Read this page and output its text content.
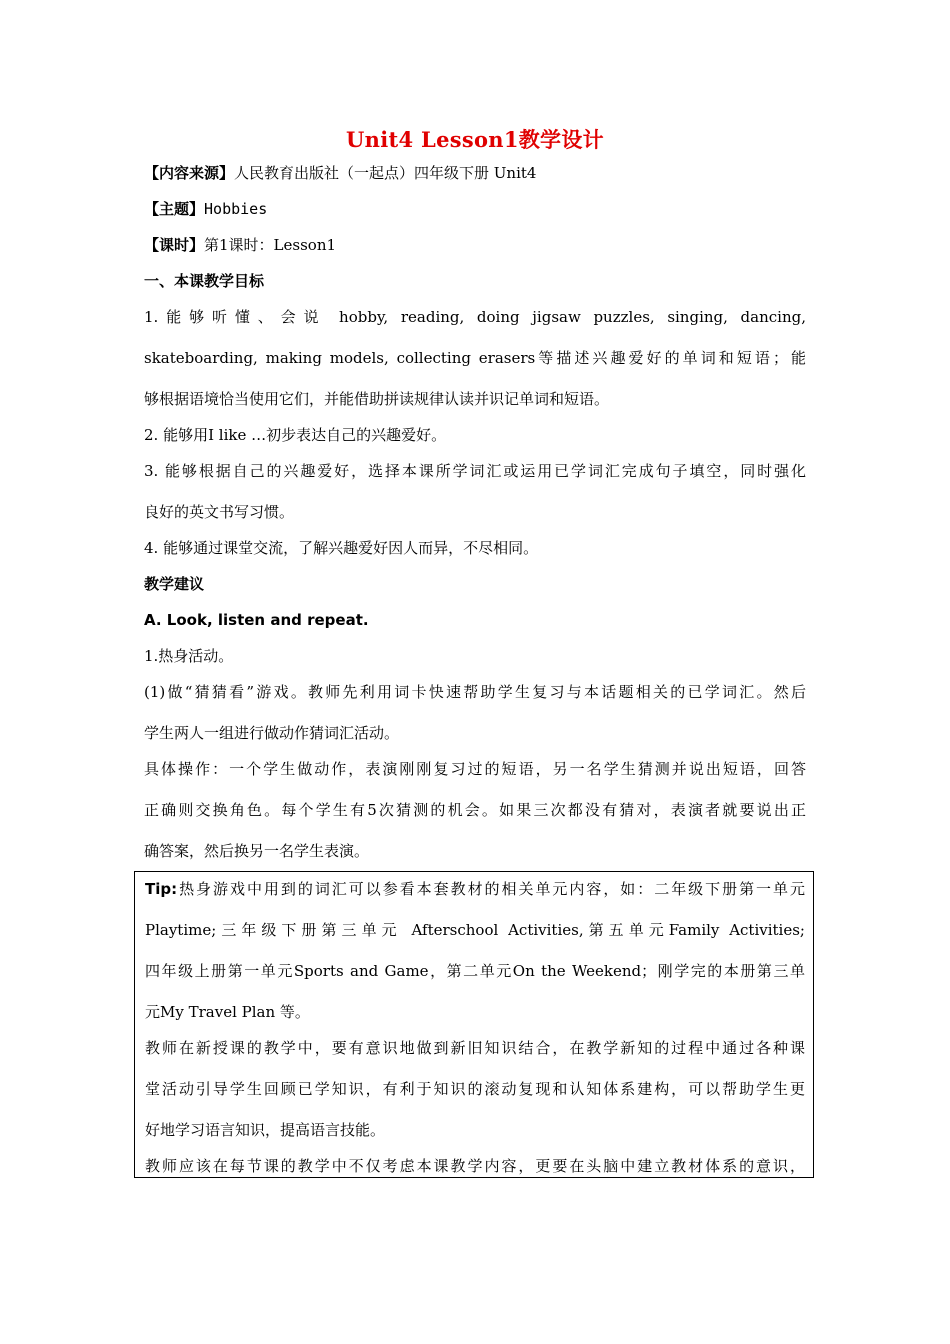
Unit4 Lesson1教学设计
【内容来源】人民教育出版社（一起点）四年级下册 Unit4
【主题】Hobbies
【课时】第1课时：Lesson1
一、本课教学目标
1.能够听懂、会说 hobby, reading, doing jigsaw puzzles, singing, dancing,
skateboarding, making models, collecting erasers等描述兴趣爱好的单词和短语；能
够根据语境恰当使用它们，并能借助拼读规律认读并识记单词和短语。
2. 能够用I like …初步表达自己的兴趣爱好。
3. 能够根据自己的兴趣爱好，选择本课所学词汇或运用已学词汇完成句子填空，同时强化
良好的英文书写习惯。
4. 能够通过课堂交流，了解兴趣爱好因人而异，不尽相同。
教学建议
A. Look, listen and repeat.
1.热身活动。
(1)做“猜猜看”游戏。教师先利用词卡快速帮助学生复习与本话题相关的已学词汇。然后
学生两人一组进行做动作猜词汇活动。
具体操作：一个学生做动作，表演刚刚复习过的短语，另一名学生猜测并说出短语，回答
正确则交换角色。每个学生有5次猜测的机会。如果三次都没有猜对，表演者就要说出正
确答案，然后换另一名学生表演。
Tip:热身游戏中用到的词汇可以参看本套教材的相关单元内容，如：二年级下册第一单元
Playtime;三年级下册第三单元 Afterschool Activities,第五单元Family Activities;
四年级上册第一单元Sports and Game，第二单元On the Weekend；刚学完的本册第三单
元My Travel Plan 等。
教师在新授课的教学中，要有意识地做到新旧知识结合，在教学新知的过程中通过各种课
堂活动引导学生回顾已学知识，有利于知识的滚动复现和认知体系建构，可以帮助学生更
好地学习语言知识，提高语言技能。
教师应该在每节课的教学中不仅考虑本课教学内容，更要在头脑中建立教材体系的意识，
